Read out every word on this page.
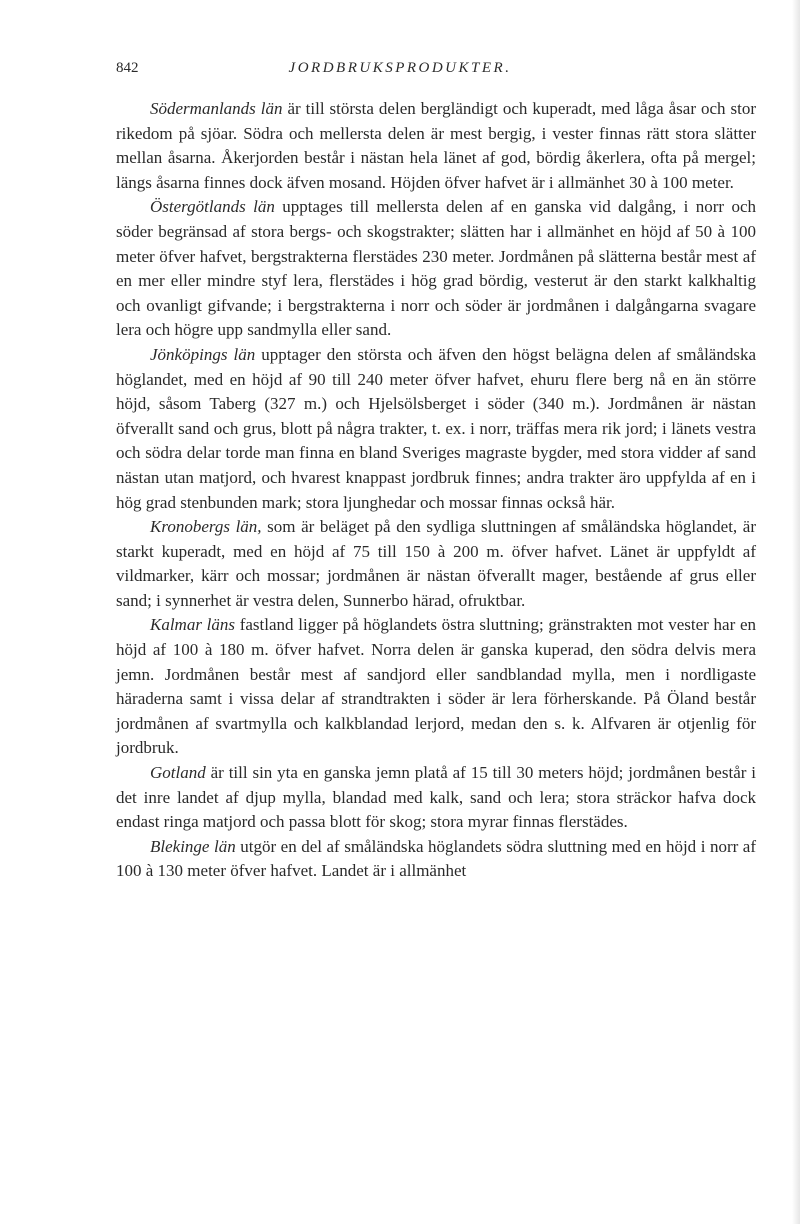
842	JORDBRUKSPRODUKTER.

Södermanlands län är till största delen bergländigt och kuperadt, med låga åsar och stor rikedom på sjöar. Södra och mellersta delen är mest bergig, i vester finnas rätt stora slätter mellan åsarna. Åkerjorden består i nästan hela länet af god, bördig åkerlera, ofta på mergel; längs åsarna finnes dock äfven mosand. Höjden öfver hafvet är i allmänhet 30 à 100 meter.

Östergötlands län upptages till mellersta delen af en ganska vid dalgång, i norr och söder begränsad af stora bergs- och skogstrakter; slätten har i allmänhet en höjd af 50 à 100 meter öfver hafvet, bergstrakterna flerstädes 230 meter. Jordmånen på slätterna består mest af en mer eller mindre styf lera, flerstädes i hög grad bördig, vesterut är den starkt kalkhaltig och ovanligt gifvande; i bergstrakterna i norr och söder är jordmånen i dalgångarna svagare lera och högre upp sandmylla eller sand.

Jönköpings län upptager den största och äfven den högst belägna delen af småländska höglandet, med en höjd af 90 till 240 meter öfver hafvet, ehuru flere berg nå en än större höjd, såsom Taberg (327 m.) och Hjelsölsberget i söder (340 m.). Jordmånen är nästan öfverallt sand och grus, blott på några trakter, t. ex. i norr, träffas mera rik jord; i länets vestra och södra delar torde man finna en bland Sveriges magraste bygder, med stora vidder af sand nästan utan matjord, och hvarest knappast jordbruk finnes; andra trakter äro uppfylda af en i hög grad stenbunden mark; stora ljunghedar och mossar finnas också här.

Kronobergs län, som är beläget på den sydliga sluttningen af småländska höglandet, är starkt kuperadt, med en höjd af 75 till 150 à 200 m. öfver hafvet. Länet är uppfyldt af vildmarker, kärr och mossar; jordmånen är nästan öfverallt mager, bestående af grus eller sand; i synnerhet är vestra delen, Sunnerbo härad, ofruktbar.

Kalmar läns fastland ligger på höglandets östra sluttning; gränstrakten mot vester har en höjd af 100 à 180 m. öfver hafvet. Norra delen är ganska kuperad, den södra delvis mera jemn. Jordmånen består mest af sandjord eller sandblandad mylla, men i nordligaste häraderna samt i vissa delar af strandtrakten i söder är lera förherskande. På Öland består jordmånen af svartmylla och kalkblandad lerjord, medan den s. k. Alfvaren är otjenlig för jordbruk.

Gotland är till sin yta en ganska jemn platå af 15 till 30 meters höjd; jordmånen består i det inre landet af djup mylla, blandad med kalk, sand och lera; stora sträckor hafva dock endast ringa matjord och passa blott för skog; stora myrar finnas flerstädes.

Blekinge län utgör en del af småländska höglandets södra sluttning med en höjd i norr af 100 à 130 meter öfver hafvet. Landet är i allmänhet
